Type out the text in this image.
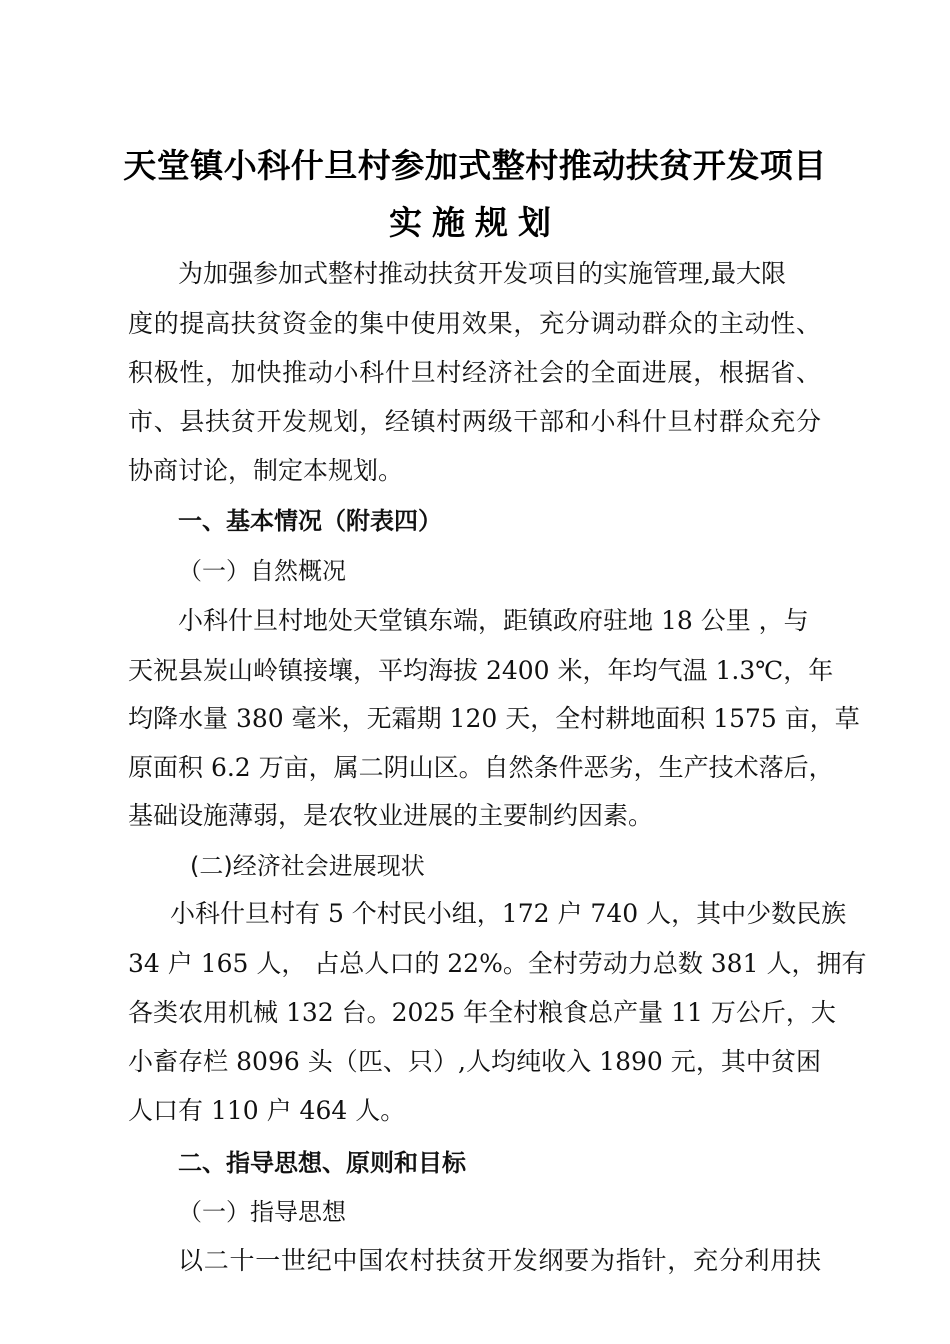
天堂镇小科什旦村参加式整村推动扶贫开发项目
实施规划
为加强参加式整村推动扶贫开发项目的实施管理,最大限
度的提高扶贫资金的集中使用效果，充分调动群众的主动性、
积极性，加快推动小科什旦村经济社会的全面进展，根据省、
市、县扶贫开发规划，经镇村两级干部和小科什旦村群众充分
协商讨论，制定本规划。
一、基本情况（附表四）
（一）自然概况
小科什旦村地处天堂镇东端，距镇政府驻地 18 公里 ，与
天祝县炭山岭镇接壤，平均海拔 2400 米，年均气温 1.3℃，年
均降水量 380 毫米，无霜期 120 天，全村耕地面积 1575 亩，草
原面积 6.2 万亩，属二阴山区。自然条件恶劣，生产技术落后，
基础设施薄弱，是农牧业进展的主要制约因素。
(二)经济社会进展现状
小科什旦村有 5 个村民小组，172 户 740 人，其中少数民族
34 户 165 人， 占总人口的 22%。全村劳动力总数 381 人，拥有
各类农用机械 132 台。2025 年全村粮食总产量 11 万公斤，大
小畜存栏 8096 头（匹、只）,人均纯收入 1890 元，其中贫困
人口有 110 户 464 人。
二、指导思想、原则和目标
（一）指导思想
以二十一世纪中国农村扶贫开发纲要为指针，充分利用扶
